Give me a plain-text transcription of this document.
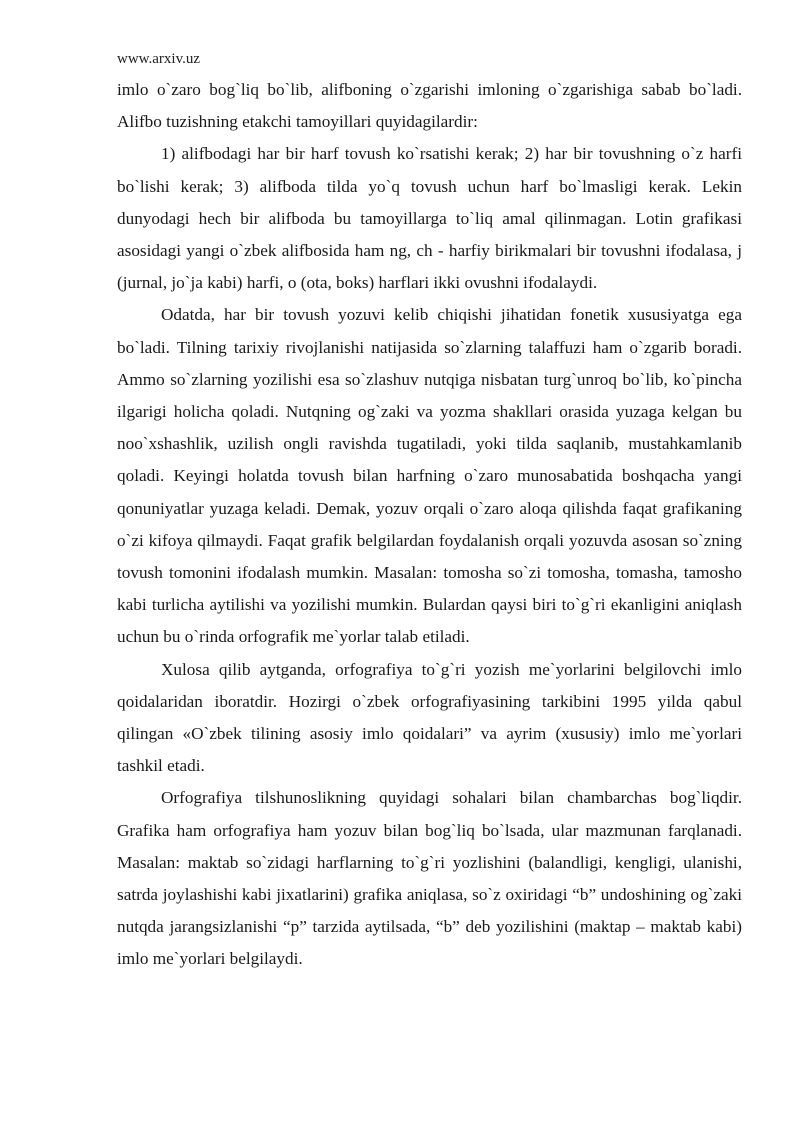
www.arxiv.uz

imlo o`zaro bog`liq bo`lib, alifboning o`zgarishi imloning o`zgarishiga sabab bo`ladi. Alifbo tuzishning etakchi tamoyillari quyidagilardir:

1) alifbodagi har bir harf tovush ko`rsatishi kerak; 2) har bir tovushning o`z harfi bo`lishi kerak; 3) alifboda tilda yo`q tovush uchun harf bo`lmasligi kerak. Lekin dunyodagi hech bir alifboda bu tamoyillarga to`liq amal qilinmagan. Lotin grafikasi asosidagi yangi o`zbek alifbosida ham ng, ch - harfiy birikmalari bir tovushni ifodalasa, j (jurnal, jo`ja kabi) harfi, o (ota, boks) harflari ikki ovushni ifodalaydi.

Odatda, har bir tovush yozuvi kelib chiqishi jihatidan fonetik xususiyatga ega bo`ladi. Tilning tarixiy rivojlanishi natijasida so`zlarning talaffuzi ham o`zgarib boradi. Ammo so`zlarning yozilishi esa so`zlashuv nutqiga nisbatan turg`unroq bo`lib, ko`pincha ilgarigi holicha qoladi. Nutqning og`zaki va yozma shakllari orasida yuzaga kelgan bu noo`xshashlik, uzilish ongli ravishda tugatiladi, yoki tilda saqlanib, mustahkamlanib qoladi. Keyingi holatda tovush bilan harfning o`zaro munosabatida boshqacha yangi qonuniyatlar yuzaga keladi. Demak, yozuv orqali o`zaro aloqa qilishda faqat grafikaning o`zi kifoya qilmaydi. Faqat grafik belgilardan foydalanish orqali yozuvda asosan so`zning tovush tomonini ifodalash mumkin. Masalan: tomosha so`zi tomosha, tomasha, tamosho kabi turlicha aytilishi va yozilishi mumkin. Bulardan qaysi biri to`g`ri ekanligini aniqlash uchun bu o`rinda orfografik me`yorlar talab etiladi.

Xulosa qilib aytganda, orfografiya to`g`ri yozish me`yorlarini belgilovchi imlo qoidalaridan iboratdir. Hozirgi o`zbek orfografiyasining tarkibini 1995 yilda qabul qilingan «O`zbek tilining asosiy imlo qoidalari” va ayrim (xususiy) imlo me`yorlari tashkil etadi.

Orfografiya tilshunoslikning quyidagi sohalari bilan chambarchas bog`liqdir. Grafika ham orfografiya ham yozuv bilan bog`liq bo`lsada, ular mazmunan farqlanadi. Masalan: maktab so`zidagi harflarning to`g`ri yozlishini (balandligi, kengligi, ulanishi, satrda joylashishi kabi jixatlarini) grafika aniqlasa, so`z oxiridagi “b” undoshining og`zaki nutqda jarangsizlanishi “p” tarzida aytilsada, “b” deb yozilishini (maktap – maktab kabi) imlo me`yorlari belgilaydi.
